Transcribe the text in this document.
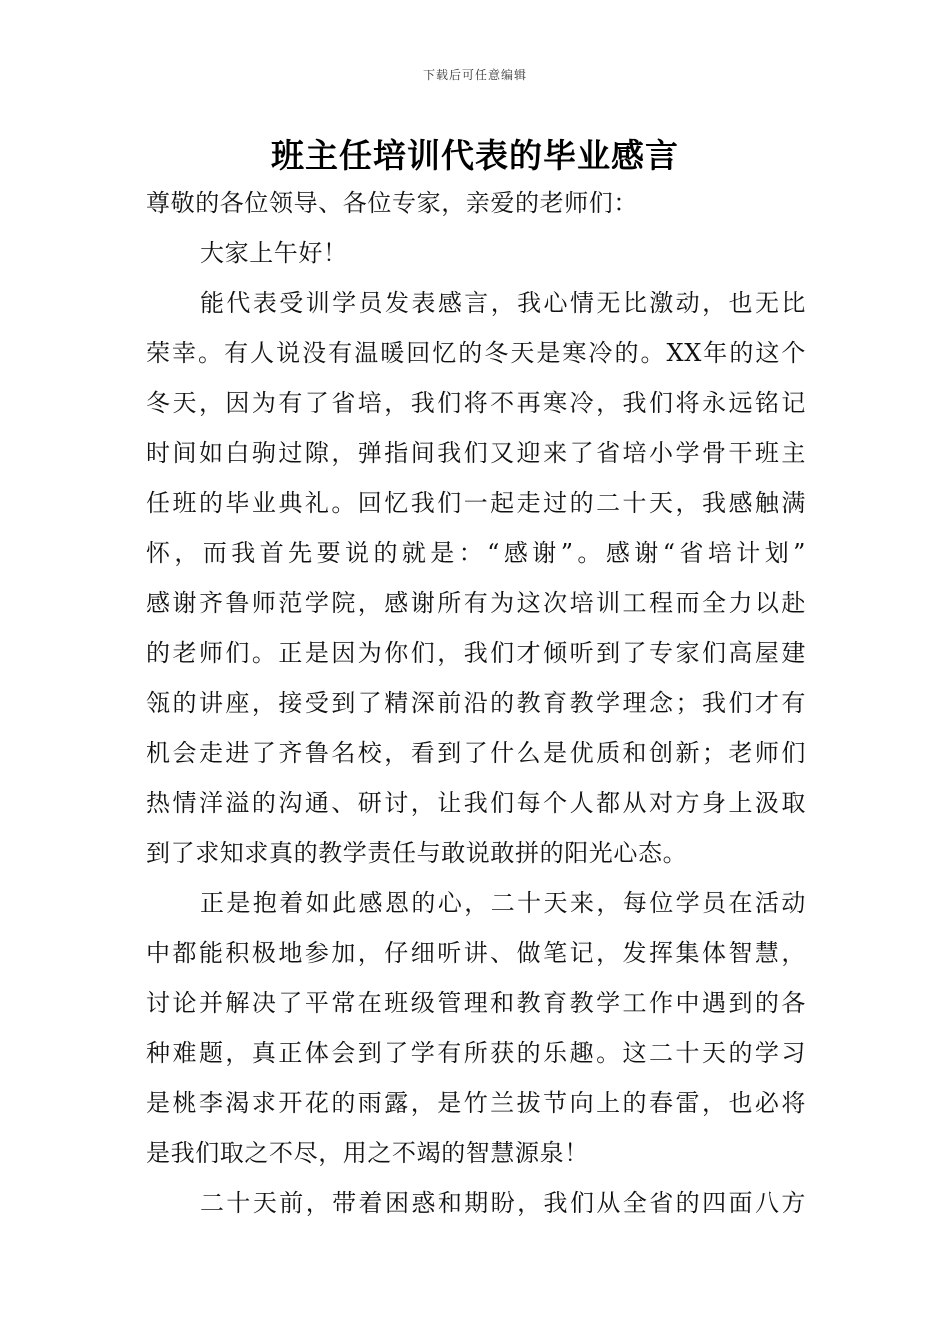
下载后可任意编辑
班主任培训代表的毕业感言

尊敬的各位领导、各位专家，亲爱的老师们：

大家上午好！

能代表受训学员发表感言，我心情无比激动，也无比
荣幸。有人说没有温暖回忆的冬天是寒冷的。XX年的这个
冬天，因为有了省培，我们将不再寒冷，我们将永远铭记
时间如白驹过隙，弹指间我们又迎来了省培小学骨干班主
任班的毕业典礼。回忆我们一起走过的二十天，我感触满
怀，而我首先要说的就是：“感谢”。感谢“省培计划”
感谢齐鲁师范学院，感谢所有为这次培训工程而全力以赴
的老师们。正是因为你们，我们才倾听到了专家们高屋建
瓴的讲座，接受到了精深前沿的教育教学理念；我们才有
机会走进了齐鲁名校，看到了什么是优质和创新；老师们
热情洋溢的沟通、研讨，让我们每个人都从对方身上汲取
到了求知求真的教学责任与敢说敢拼的阳光心态。

正是抱着如此感恩的心，二十天来，每位学员在活动
中都能积极地参加，仔细听讲、做笔记，发挥集体智慧，
讨论并解决了平常在班级管理和教育教学工作中遇到的各
种难题，真正体会到了学有所获的乐趣。这二十天的学习
是桃李渴求开花的雨露，是竹兰拔节向上的春雷，也必将
是我们取之不尽，用之不竭的智慧源泉！

二十天前，带着困惑和期盼，我们从全省的四面八方
